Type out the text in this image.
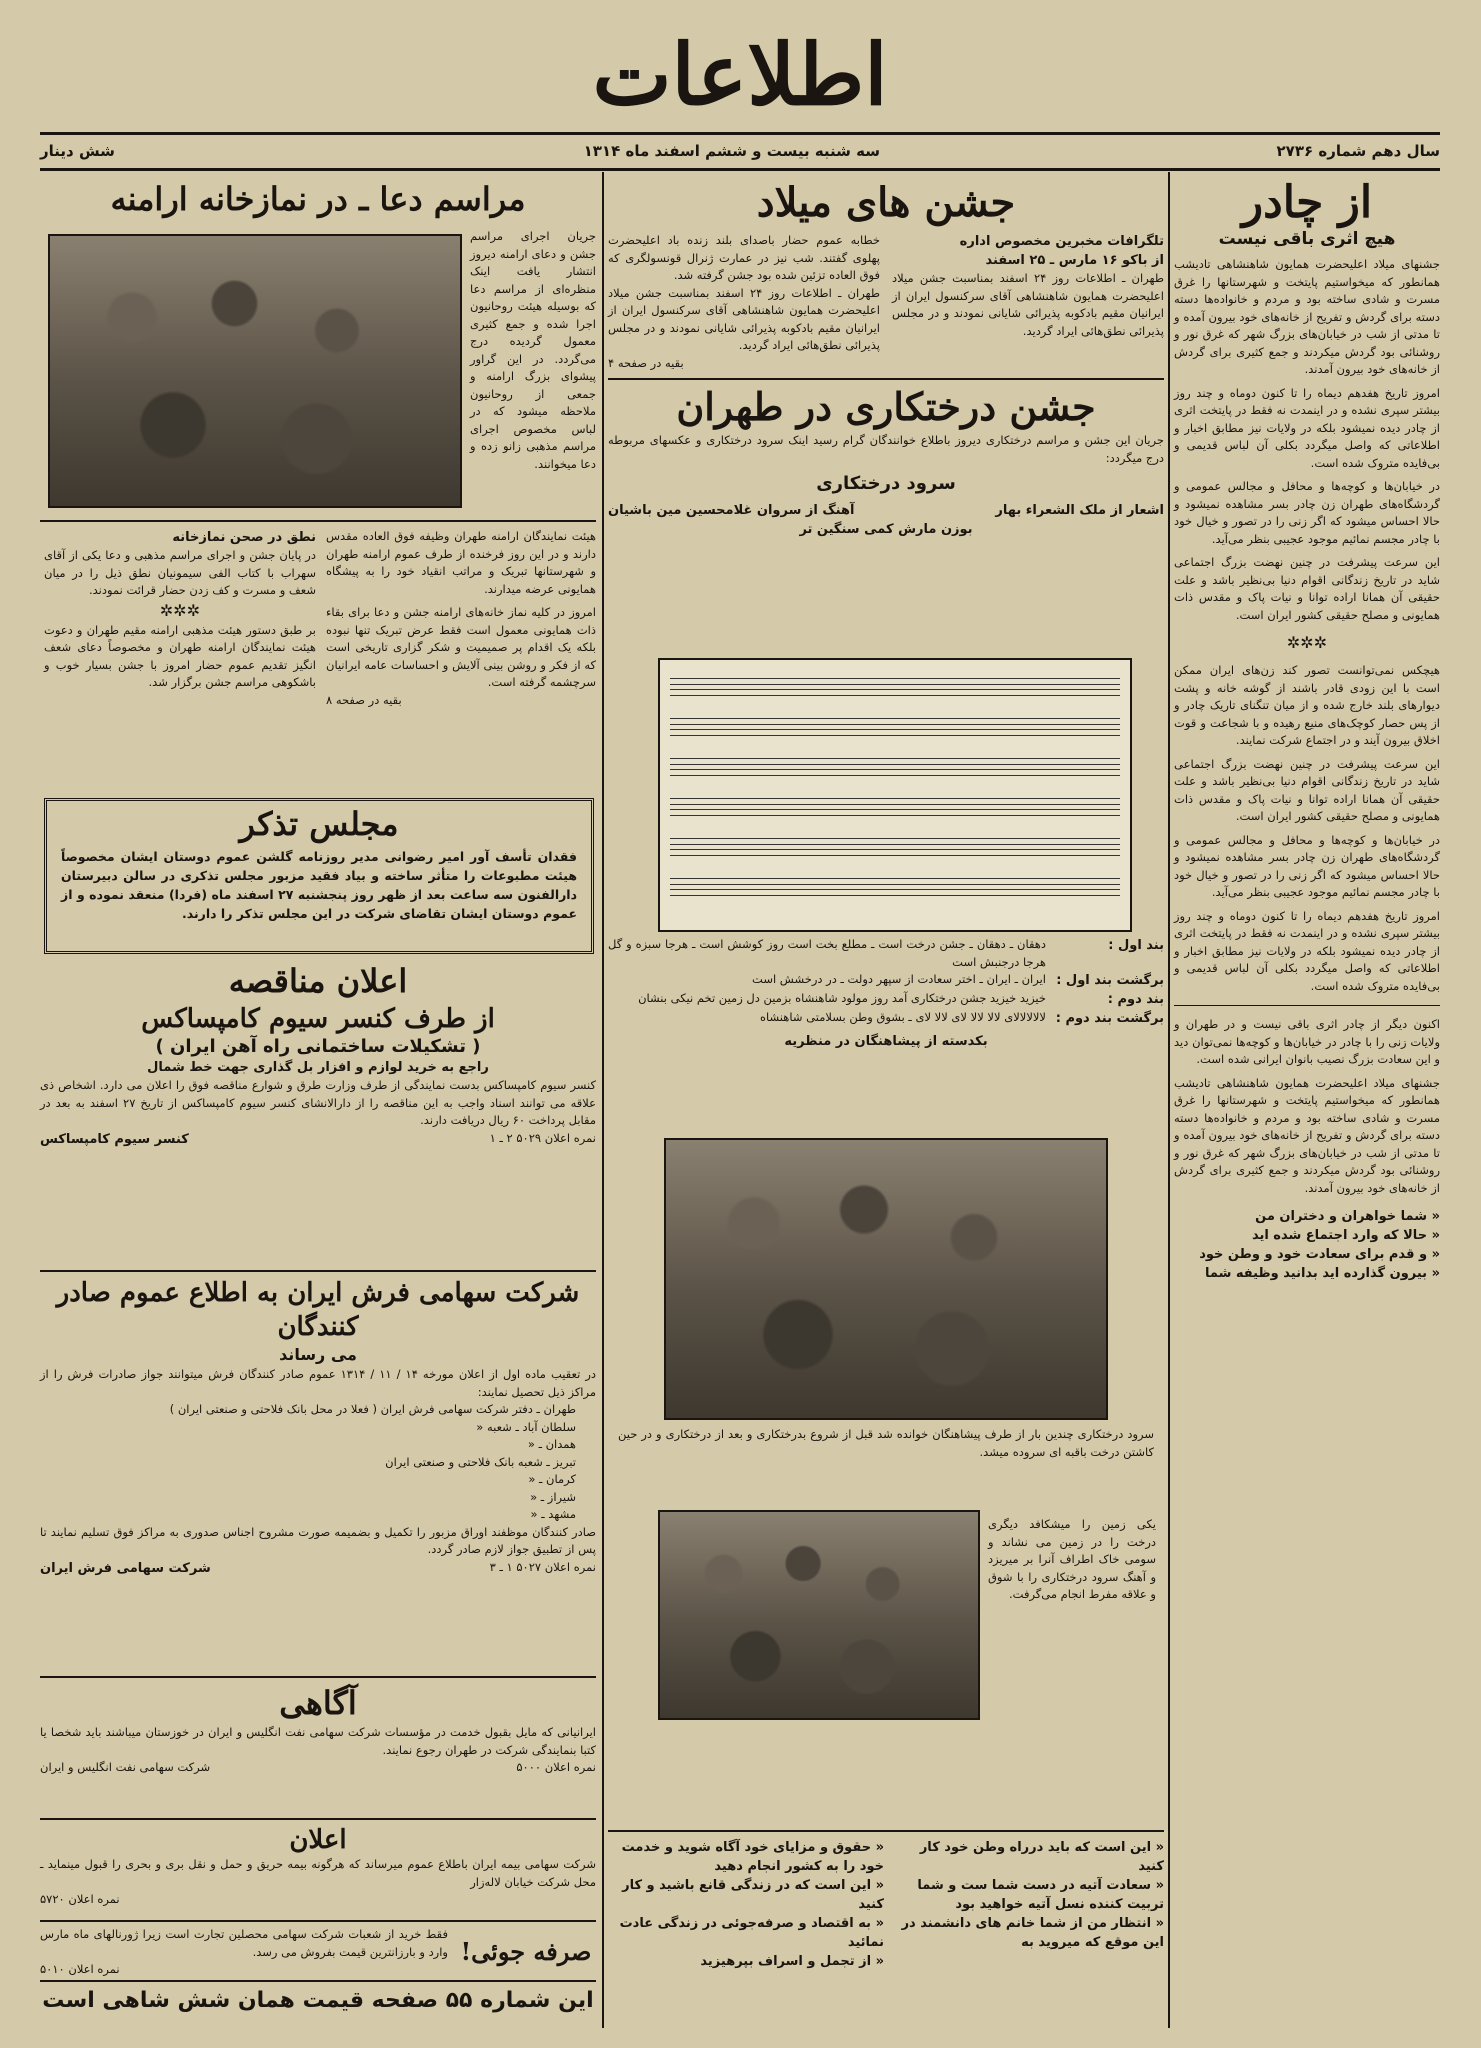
اطلاعات
سال دهم شماره ۲۷۳۶
سه شنبه بیست و ششم اسفند ماه ۱۳۱۴
شش دینار
از چادر
هیچ اثری باقی نیست
جشنهای میلاد اعلیحضرت همایون شاهنشاهی تادیشب همانطور که میخواستیم پایتخت و شهرستانها را غرق مسرت و شادی ساخته بود و مردم و خانواده‌ها دسته دسته برای گردش و تفریح از خانه‌های خود بیرون آمده و تا مدتی از شب در خیابان‌های بزرگ شهر که غرق نور و روشنائی بود گردش میکردند و جمع کثیری برای گردش از خانه‌های خود بیرون آمدند.
امروز تاریخ هفدهم دیماه را تا کنون دوماه و چند روز بیشتر سپری نشده و در اینمدت نه فقط در پایتخت اثری از چادر دیده نمیشود بلکه در ولایات نیز مطابق اخبار و اطلاعاتی که واصل میگردد بکلی آن لباس قدیمی و بی‌فایده متروک شده است.
در خیابان‌ها و کوچه‌ها و محافل و مجالس عمومی و گردشگاه‌های طهران زن چادر بسر مشاهده نمیشود و حالا احساس میشود که اگر زنی را در تصور و خیال خود با چادر مجسم نمائیم موجود عجیبی بنظر می‌آید.
این سرعت پیشرفت در چنین نهضت بزرگ اجتماعی شاید در تاریخ زندگانی اقوام دنیا بی‌نظیر باشد و علت حقیقی آن همانا اراده توانا و نیات پاک و مقدس ذات همایونی و مصلح حقیقی کشور ایران است.
✲✲✲
هیچکس نمی‌توانست تصور کند زن‌های ایران ممکن است با این زودی قادر باشند از گوشه خانه و پشت دیوار‌های بلند خارج شده و از میان تنگنای تاریک چادر و از پس حصار کوچک‌های منیع رهیده و با شجاعت و قوت اخلاق بیرون آیند و در اجتماع شرکت نمایند.
این سرعت پیشرفت در چنین نهضت بزرگ اجتماعی شاید در تاریخ زندگانی اقوام دنیا بی‌نظیر باشد و علت حقیقی آن همانا اراده توانا و نیات پاک و مقدس ذات همایونی و مصلح حقیقی کشور ایران است.
در خیابان‌ها و کوچه‌ها و محافل و مجالس عمومی و گردشگاه‌های طهران زن چادر بسر مشاهده نمیشود و حالا احساس میشود که اگر زنی را در تصور و خیال خود با چادر مجسم نمائیم موجود عجیبی بنظر می‌آید.
امروز تاریخ هفدهم دیماه را تا کنون دوماه و چند روز بیشتر سپری نشده و در اینمدت نه فقط در پایتخت اثری از چادر دیده نمیشود بلکه در ولایات نیز مطابق اخبار و اطلاعاتی که واصل میگردد بکلی آن لباس قدیمی و بی‌فایده متروک شده است.
اکنون دیگر از چادر اثری باقی نیست و در طهران و ولایات زنی را با چادر در خیابان‌ها و کوچه‌ها نمی‌توان دید و این سعادت بزرگ نصیب بانوان ایرانی شده است.
جشنهای میلاد اعلیحضرت همایون شاهنشاهی تادیشب همانطور که میخواستیم پایتخت و شهرستانها را غرق مسرت و شادی ساخته بود و مردم و خانواده‌ها دسته دسته برای گردش و تفریح از خانه‌های خود بیرون آمده و تا مدتی از شب در خیابان‌های بزرگ شهر که غرق نور و روشنائی بود گردش میکردند و جمع کثیری برای گردش از خانه‌های خود بیرون آمدند.
« شما خواهران و دختران من
« حالا که وارد اجتماع شده اید
« و قدم برای سعادت خود و وطن خود
« بیرون گذارده اید بدانید وظیفه شما
جشن های میلاد
تلگرافات مخبرین مخصوص اداره
از باکو ۱۶ مارس ـ ۲۵ اسفند
طهران ـ اطلاعات روز ۲۴ اسفند بمناسبت جشن میلاد اعلیحضرت همایون شاهنشاهی آقای سرکنسول ایران از ایرانیان مقیم بادکوبه پذیرائی شایانی نمودند و در مجلس پذیرائی نطق‌هائی ایراد گردید.
خطابه عموم حضار باصدای بلند زنده باد اعلیحضرت پهلوی گفتند. شب نیز در عمارت ژنرال قونسولگری که فوق العاده تزئین شده بود جشن گرفته شد.
طهران ـ اطلاعات روز ۲۴ اسفند بمناسبت جشن میلاد اعلیحضرت همایون شاهنشاهی آقای سرکنسول ایران از ایرانیان مقیم بادکوبه پذیرائی شایانی نمودند و در مجلس پذیرائی نطق‌هائی ایراد گردید.
بقیه در صفحه ۴
جشن درختکاری در طهران
جریان این جشن و مراسم درختکاری دیروز باطلاع خوانندگان گرام رسید اینک سرود درختکاری و عکسهای مربوطه درج میگردد:
سرود درختکاری
اشعار از ملک الشعراء بهار
آهنگ از سروان غلامحسین مین باشیان
بوزن مارش کمی سنگین تر
بند اول :
دهقان ـ دهقان ـ جشن درخت است ـ مطلع بخت است روز کوشش است ـ هرجا سبزه و گل هرجا درجنبش است
برگشت بند اول :
ایران ـ ایران ـ اختر سعادت از سپهر دولت ـ در درخشش است
بند دوم :
خیزید خیزید جشن درختکاری آمد روز مولود شاهنشاه بزمین دل زمین تخم نیکی بنشان
برگشت بند دوم :
لالالالالای لالا لالا لای لالا لای ـ بشوق وطن بسلامتی شاهنشاه
بکدسته از پیشاهنگان در منظریه
سرود درختکاری چندین بار از طرف پیشاهنگان خوانده شد قبل از شروع بدرختکاری و بعد از درختکاری و در حین کاشتن درخت باقبه ای سروده میشد.
یکی زمین را میشکافد دیگری درخت را در زمین می نشاند و سومی خاک اطراف آنرا بر میریزد و آهنگ سرود درختکاری را با شوق و علاقه مفرط انجام می‌گرفت.
« این است که باید درراه وطن خود کار کنید
« سعادت آتیه در دست شما ست و شما تربیت کننده نسل آتیه خواهید بود
« انتظار من از شما خانم های دانشمند در این موقع که میروید به
« حقوق و مزایای خود آگاه شوید و خدمت خود را به کشور انجام دهید
« این است که در زندگی قانع باشید و کار کنید
« به اقتصاد و صرفه‌جوئی در زندگی عادت نمائید
« از تجمل و اسراف بپرهیزید
مراسم دعا ـ در نمازخانه ارامنه
جریان اجرای مراسم جشن و دعای ارامنه دیروز انتشار یافت اینک منظره‌ای از مراسم دعا که بوسیله هیئت روحانیون اجرا شده و جمع کثیری معمول گردیده درج می‌گردد. در این گراور پیشوای بزرگ ارامنه و جمعی از روحانیون ملاحظه میشود که در لباس مخصوص اجرای مراسم مذهبی زانو زده و دعا میخوانند.
هیئت نمایندگان ارامنه طهران وظیفه فوق العاده مقدس دارند و در این روز فرخنده از طرف عموم ارامنه طهران و شهرستانها تبریک و مراتب انقیاد خود را به پیشگاه همایونی عرضه میدارند.
امروز در کلیه نماز خانه‌های ارامنه جشن و دعا برای بقاء ذات همایونی معمول است فقط عرض تبریک تنها نبوده بلکه یک اقدام پر صمیمیت و شکر گزاری تاریخی است که از فکر و روشن بینی آلایش و احساسات عامه ایرانیان سرچشمه گرفته است.
بقیه در صفحه ۸
نطق در صحن نمازخانه
در پایان جشن و اجرای مراسم مذهبی و دعا یکی از آقای سهراب با کتاب الفی سیمونیان نطق ذیل را در میان شعف و مسرت و کف زدن حضار قرائت نمودند.
✲✲✲
بر طبق دستور هیئت مذهبی ارامنه مقیم طهران و دعوت هیئت نمایندگان ارامنه طهران و مخصوصاً دعای شعف انگیز تقدیم عموم حضار امروز با جشن بسیار خوب و باشکوهی مراسم جشن برگزار شد.
مجلس تذکر
فقدان تأسف آور امیر رضوانی مدیر روزنامه گلشن عموم دوستان ایشان مخصوصاً هیئت مطبوعات را متأثر ساخته و بیاد فقید مزبور مجلس تذکری در سالن دبیرستان دارالفنون سه ساعت بعد از ظهر روز پنجشنبه ۲۷ اسفند ماه (فردا) منعقد نموده و از عموم دوستان ایشان تقاضای شرکت در این مجلس تذکر را دارند.
اعلان مناقصه
از طرف کنسر سیوم کامپساکس
( تشکیلات ساختمانی راه آهن ایران )
راجع به خرید لوازم و افزار بل گذاری جهت خط شمال
کنسر سیوم کامپساکس بدست نمایندگی از طرف وزارت طرق و شوارع مناقصه فوق را اعلان می دارد. اشخاص ذی علاقه می توانند اسناد واجب به این مناقصه را از دارالانشای کنسر سیوم کامپساکس از تاریخ ۲۷ اسفند به بعد در مقابل پرداخت ۶۰ ریال دریافت دارند.
نمره اعلان ۵۰۲۹ ۲ ـ ۱
کنسر سیوم کامپساکس
شرکت سهامی فرش ایران به اطلاع عموم صادر کنندگان
می رساند
در تعقیب ماده اول از اعلان مورخه ۱۴ / ۱۱ / ۱۳۱۴ عموم صادر کنندگان فرش میتوانند جواز صادرات فرش را از مراکز ذیل تحصیل نمایند:
طهران ـ دفتر شرکت سهامی فرش ایران ( فعلا در محل بانک فلاحتی و صنعتی ایران )
سلطان آباد ـ شعبه «
همدان ـ «
تبریز ـ شعبه بانک فلاحتی و صنعتی ایران
کرمان ـ «
شیراز ـ «
مشهد ـ «
صادر کنندگان موظفند اوراق مزبور را تکمیل و بضمیمه صورت مشروح اجناس صدوری به مراکز فوق تسلیم نمایند تا پس از تطبیق جواز لازم صادر گردد.
نمره اعلان ۵۰۲۷ ۱ ـ ۳
شرکت سهامی فرش ایران
آگاهی
ایرانیانی که مایل بقبول خدمت در مؤسسات شرکت سهامی نفت انگلیس و ایران در خوزستان میباشند باید شخصا یا کتبا بنمایندگی شرکت در طهران رجوع نمایند.
نمره اعلان ۵۰۰۰
شرکت سهامی نفت انگلیس و ایران
اعلان
شرکت سهامی بیمه ایران باطلاع عموم میرساند که هرگونه بیمه حریق و حمل و نقل بری و بحری را قبول مینماید ـ محل شرکت خیابان لاله‌زار
نمره اعلان ۵۷۲۰
صرفه جوئی!
فقط خرید از شعبات شرکت سهامی محصلین تجارت است زیرا ژورنالهای ماه مارس وارد و بارزانترین قیمت بفروش می رسد.
نمره اعلان ۵۰۱۰
این شماره ۵۵ صفحه قیمت همان شش شاهی است
